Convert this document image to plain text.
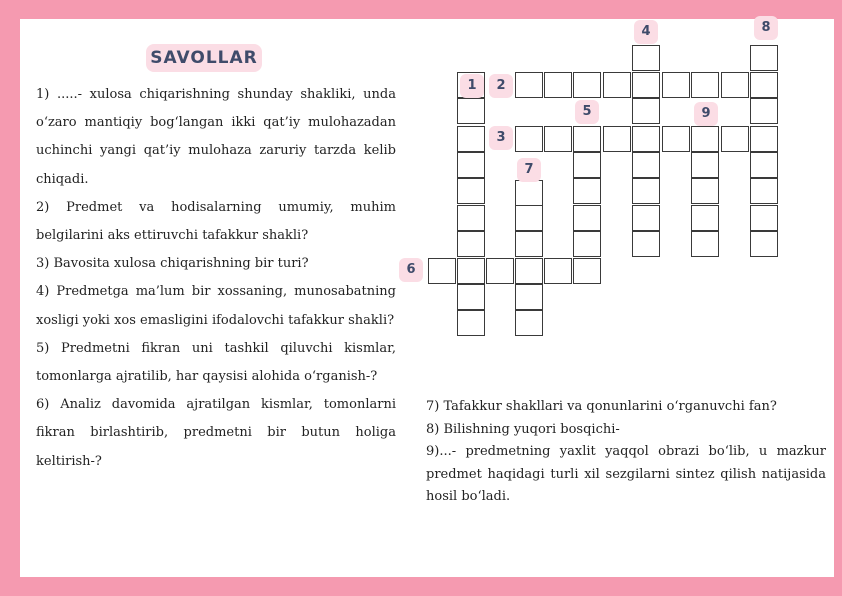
SAVOLLAR

1) .....- xulosa chiqarishning shunday shakliki, unda o‘zaro mantiqiy bog‘langan ikki qat’iy mulohazadan uchinchi yangi qat’iy mulohaza zaruriy tarzda kelib chiqadi.

2) Predmet va hodisalarning umumiy, muhim belgilarini aks ettiruvchi tafakkur shakli?

3) Bavosita xulosa chiqarishning bir turi?

4) Predmetga ma’lum bir xossaning, munosabatning xosligi yoki xos emasligini ifodalovchi tafakkur shakli?

5) Predmetni fikran uni tashkil qiluvchi kismlar, tomonlarga ajratilib, har qaysisi alohida o‘rganish-?

6) Analiz davomida ajratilgan kismlar, tomonlarni fikran birlashtirib, predmetni bir butun holiga keltirish-?

7) Tafakkur shakllari va qonunlarini o‘rganuvchi fan?

8) Bilishning yuqori bosqichi-

9)...- predmetning yaxlit yaqqol obrazi bo‘lib, u mazkur predmet haqidagi turli xil sezgilarni sintez qilish natijasida hosil bo‘ladi.

1	2
3
4
5
6
7
8
9
